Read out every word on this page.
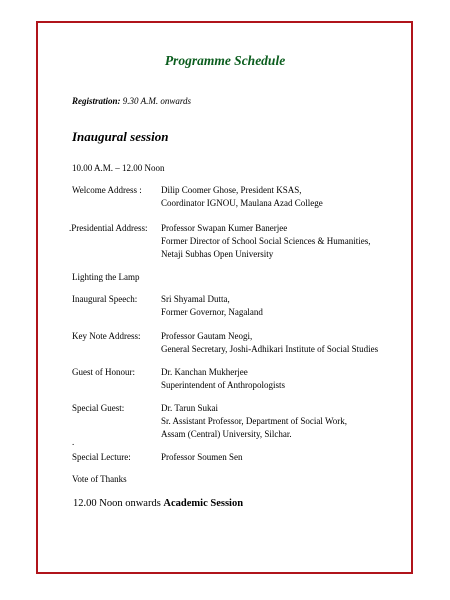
Programme Schedule
Registration: 9.30 A.M. onwards
Inaugural session
10.00 A.M. – 12.00 Noon
Welcome Address : Dilip Coomer Ghose, President KSAS,
Coordinator IGNOU, Maulana Azad College
.Presidential Address: Professor Swapan Kumer Banerjee
Former Director of School Social Sciences & Humanities,
Netaji Subhas Open University
Lighting the Lamp
Inaugural Speech:	Sri Shyamal Dutta,
Former Governor, Nagaland
Key Note Address: Professor Gautam Neogi,
General Secretary, Joshi-Adhikari Institute of Social Studies
Guest of Honour:	Dr. Kanchan Mukherjee
Superintendent of Anthropologists
Special Guest:	Dr. Tarun Sukai
Sr. Assistant Professor, Department of Social Work,
Assam (Central) University, Silchar.
.
Special Lecture:	Professor Soumen Sen
Vote of Thanks
12.00 Noon onwards Academic Session
